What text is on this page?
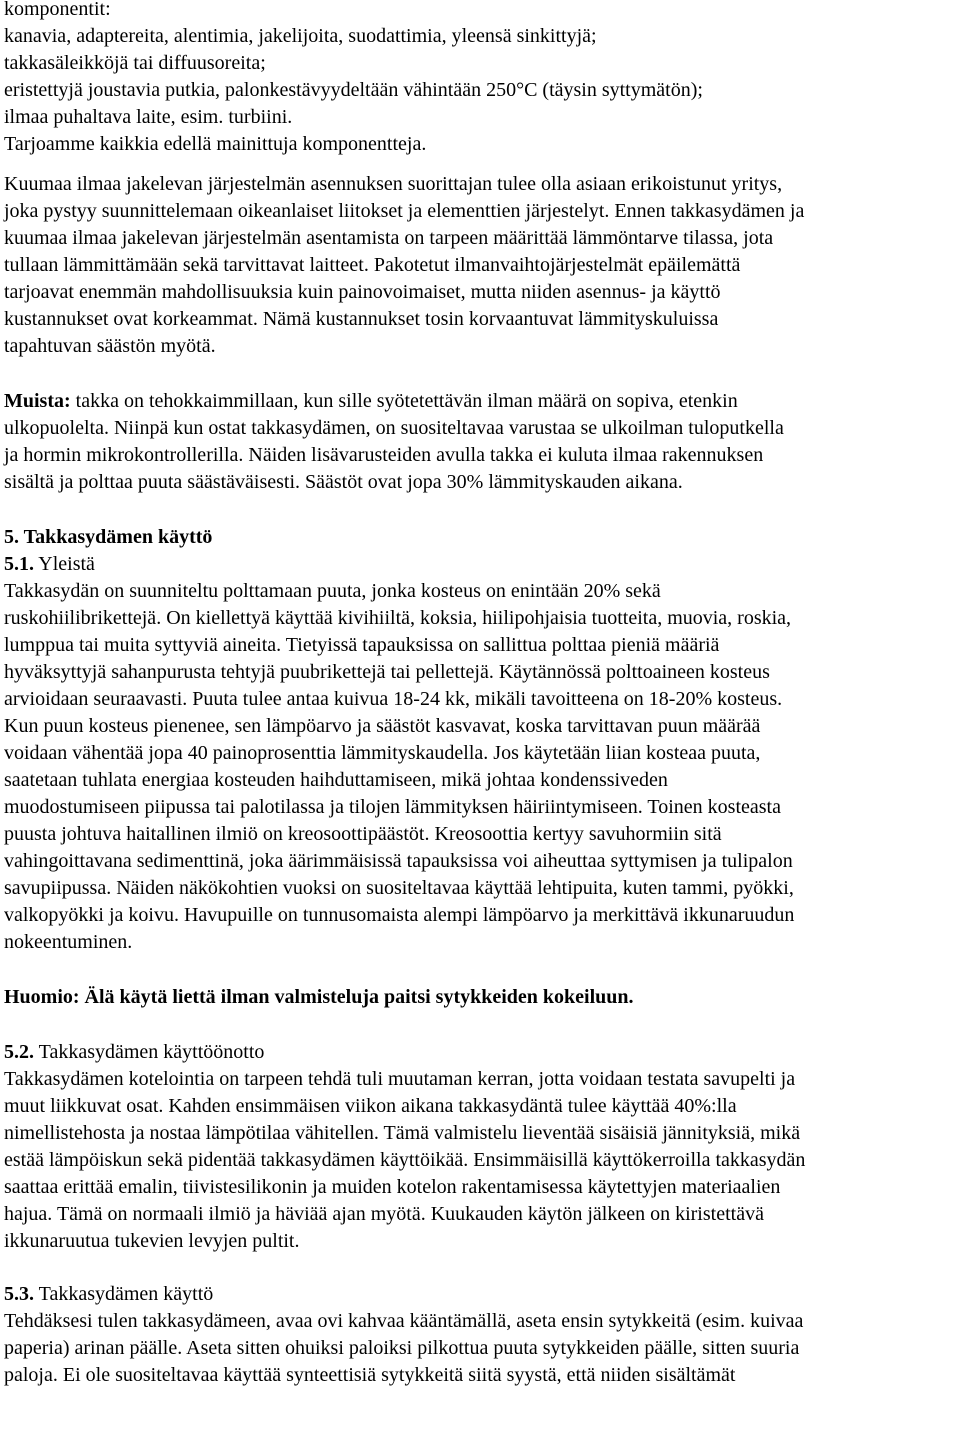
komponentit:
kanavia, adaptereita, alentimia, jakelijoita, suodattimia, yleensä sinkittyjä;
takkasäleikköjä tai diffuusoreita;
eristettyjä joustavia putkia, palonkestävyydeltään vähintään 250°C (täysin syttymätön);
ilmaa puhaltava laite, esim. turbiini.
Tarjoamme kaikkia edellä mainittuja komponentteja.
Kuumaa ilmaa jakelevan järjestelmän asennuksen suorittajan tulee olla asiaan erikoistunut yritys,
joka pystyy suunnittelemaan oikeanlaiset liitokset ja elementtien järjestelyt. Ennen takkasydämen ja
kuumaa ilmaa jakelevan järjestelmän asentamista on tarpeen määrittää lämmöntarve tilassa, jota
tullaan lämmittämään sekä tarvittavat laitteet. Pakotetut ilmanvaihtojärjestelmät epäilemättä
tarjoavat enemmän mahdollisuuksia kuin painovoimaiset, mutta niiden asennus- ja käyttö
kustannukset ovat korkeammat. Nämä kustannukset tosin korvaantuvat lämmityskuluissa
tapahtuvan säästön myötä.
Muista: takka on tehokkaimmillaan, kun sille syötetettävän ilman määrä on sopiva, etenkin
ulkopuolelta. Niinpä kun ostat takkasydämen, on suositeltavaa varustaa se ulkoilman tuloputkella
ja hormin mikrokontrollerilla. Näiden lisävarusteiden avulla takka ei kuluta ilmaa rakennuksen
sisältä ja polttaa puuta säästäväisesti. Säästöt ovat jopa 30% lämmityskauden aikana.
5. Takkasydämen käyttö
5.1. Yleistä
Takkasydän on suunniteltu polttamaan puuta, jonka kosteus on enintään 20% sekä
ruskohiilibrikettejä. On kiellettyä käyttää kivihiiltä, koksia, hiilipohjaisia tuotteita, muovia, roskia,
lumppua tai muita syttyviä aineita. Tietyissä tapauksissa on sallittua polttaa pieniä määriä
hyväksyttyjä sahanpurusta tehtyjä puubrikettejä tai pellettejä. Käytännössä polttoaineen kosteus
arvioidaan seuraavasti. Puuta tulee antaa kuivua 18-24 kk, mikäli tavoitteena on 18-20% kosteus.
Kun puun kosteus pienenee, sen lämpöarvo ja säästöt kasvavat, koska tarvittavan puun määrää
voidaan vähentää jopa 40 painoprosenttia lämmityskaudella. Jos käytetään liian kosteaa puuta,
saatetaan tuhlata energiaa kosteuden haihduttamiseen, mikä johtaa kondenssiveden
muodostumiseen piipussa tai palotilassa ja tilojen lämmityksen häiriintymiseen. Toinen kosteasta
puusta johtuva haitallinen ilmiö on kreosoottipäästöt. Kreosoottia kertyy savuhormiin sitä
vahingoittavana sedimenttinä, joka äärimmäisissä tapauksissa voi aiheuttaa syttymisen ja tulipalon
savupiipussa. Näiden näkökohtien vuoksi on suositeltavaa käyttää lehtipuita, kuten tammi, pyökki,
valkopyökki ja koivu. Havupuille on tunnusomaista alempi lämpöarvo ja merkittävä ikkunaruudun
nokeentuminen.
Huomio: Älä käytä liettä ilman valmisteluja paitsi sytykkeiden kokeiluun.
5.2. Takkasydämen käyttöönotto
Takkasydämen kotelointia on tarpeen tehdä tuli muutaman kerran, jotta voidaan testata savupelti ja
muut liikkuvat osat. Kahden ensimmäisen viikon aikana takkasydäntä tulee käyttää 40%:lla
nimellistehosta ja nostaa lämpötilaa vähitellen. Tämä valmistelu lieventää sisäisiä jännityksiä, mikä
estää lämpöiskun sekä pidentää takkasydämen käyttöikää. Ensimmäisillä käyttökerroilla takkasydän
saattaa erittää emalin, tiivistesilikonin ja muiden kotelon rakentamisessa käytettyjen materiaalien
hajua. Tämä on normaali ilmiö ja häviää ajan myötä. Kuukauden käytön jälkeen on kiristettävä
ikkunaruutua tukevien levyjen pultit.
5.3. Takkasydämen käyttö
Tehdäksesi tulen takkasydämeen, avaa ovi kahvaa kääntämällä, aseta ensin sytykkeitä (esim. kuivaa
paperia) arinan päälle. Aseta sitten ohuiksi paloiksi pilkottua puuta sytykkeiden päälle, sitten suuria
paloja. Ei ole suositeltavaa käyttää synteettisiä sytykkeitä siitä syystä, että niiden sisältämät
